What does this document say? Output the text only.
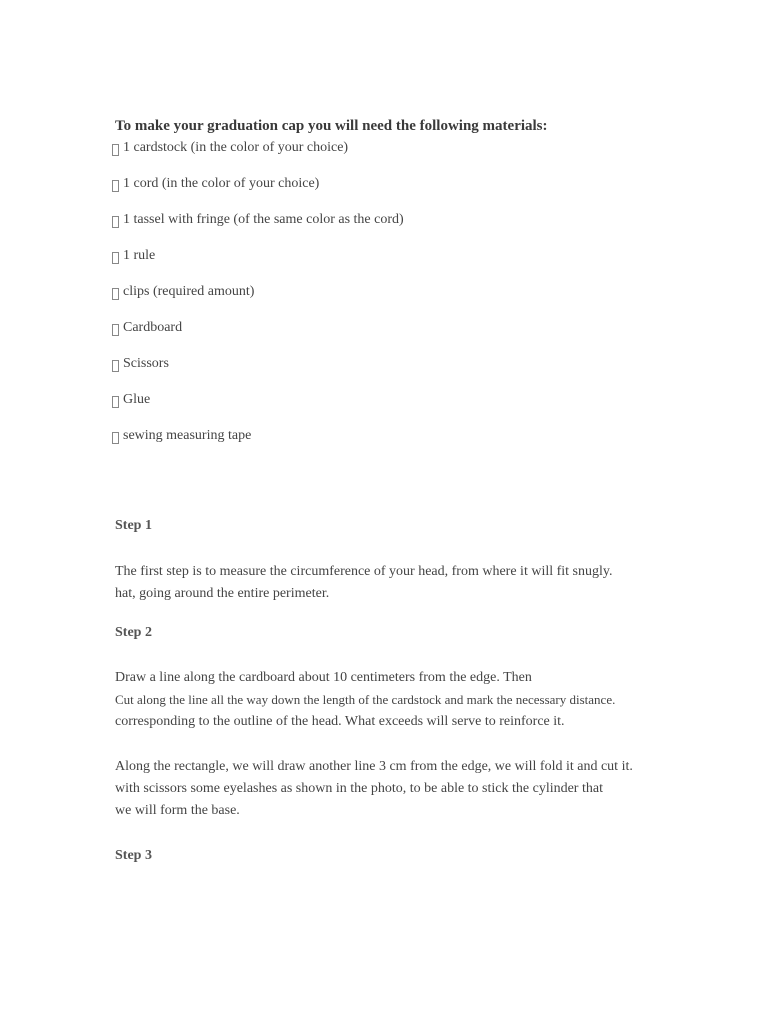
To make your graduation cap you will need the following materials:
1 cardstock (in the color of your choice)
1 cord (in the color of your choice)
1 tassel with fringe (of the same color as the cord)
1 rule
clips (required amount)
Cardboard
Scissors
Glue
sewing measuring tape
Step 1
The first step is to measure the circumference of your head, from where it will fit snugly.
hat, going around the entire perimeter.
Step 2
Draw a line along the cardboard about 10 centimeters from the edge. Then
Cut along the line all the way down the length of the cardstock and mark the necessary distance.
corresponding to the outline of the head. What exceeds will serve to reinforce it.
Along the rectangle, we will draw another line 3 cm from the edge, we will fold it and cut it.
with scissors some eyelashes as shown in the photo, to be able to stick the cylinder that
we will form the base.
Step 3
